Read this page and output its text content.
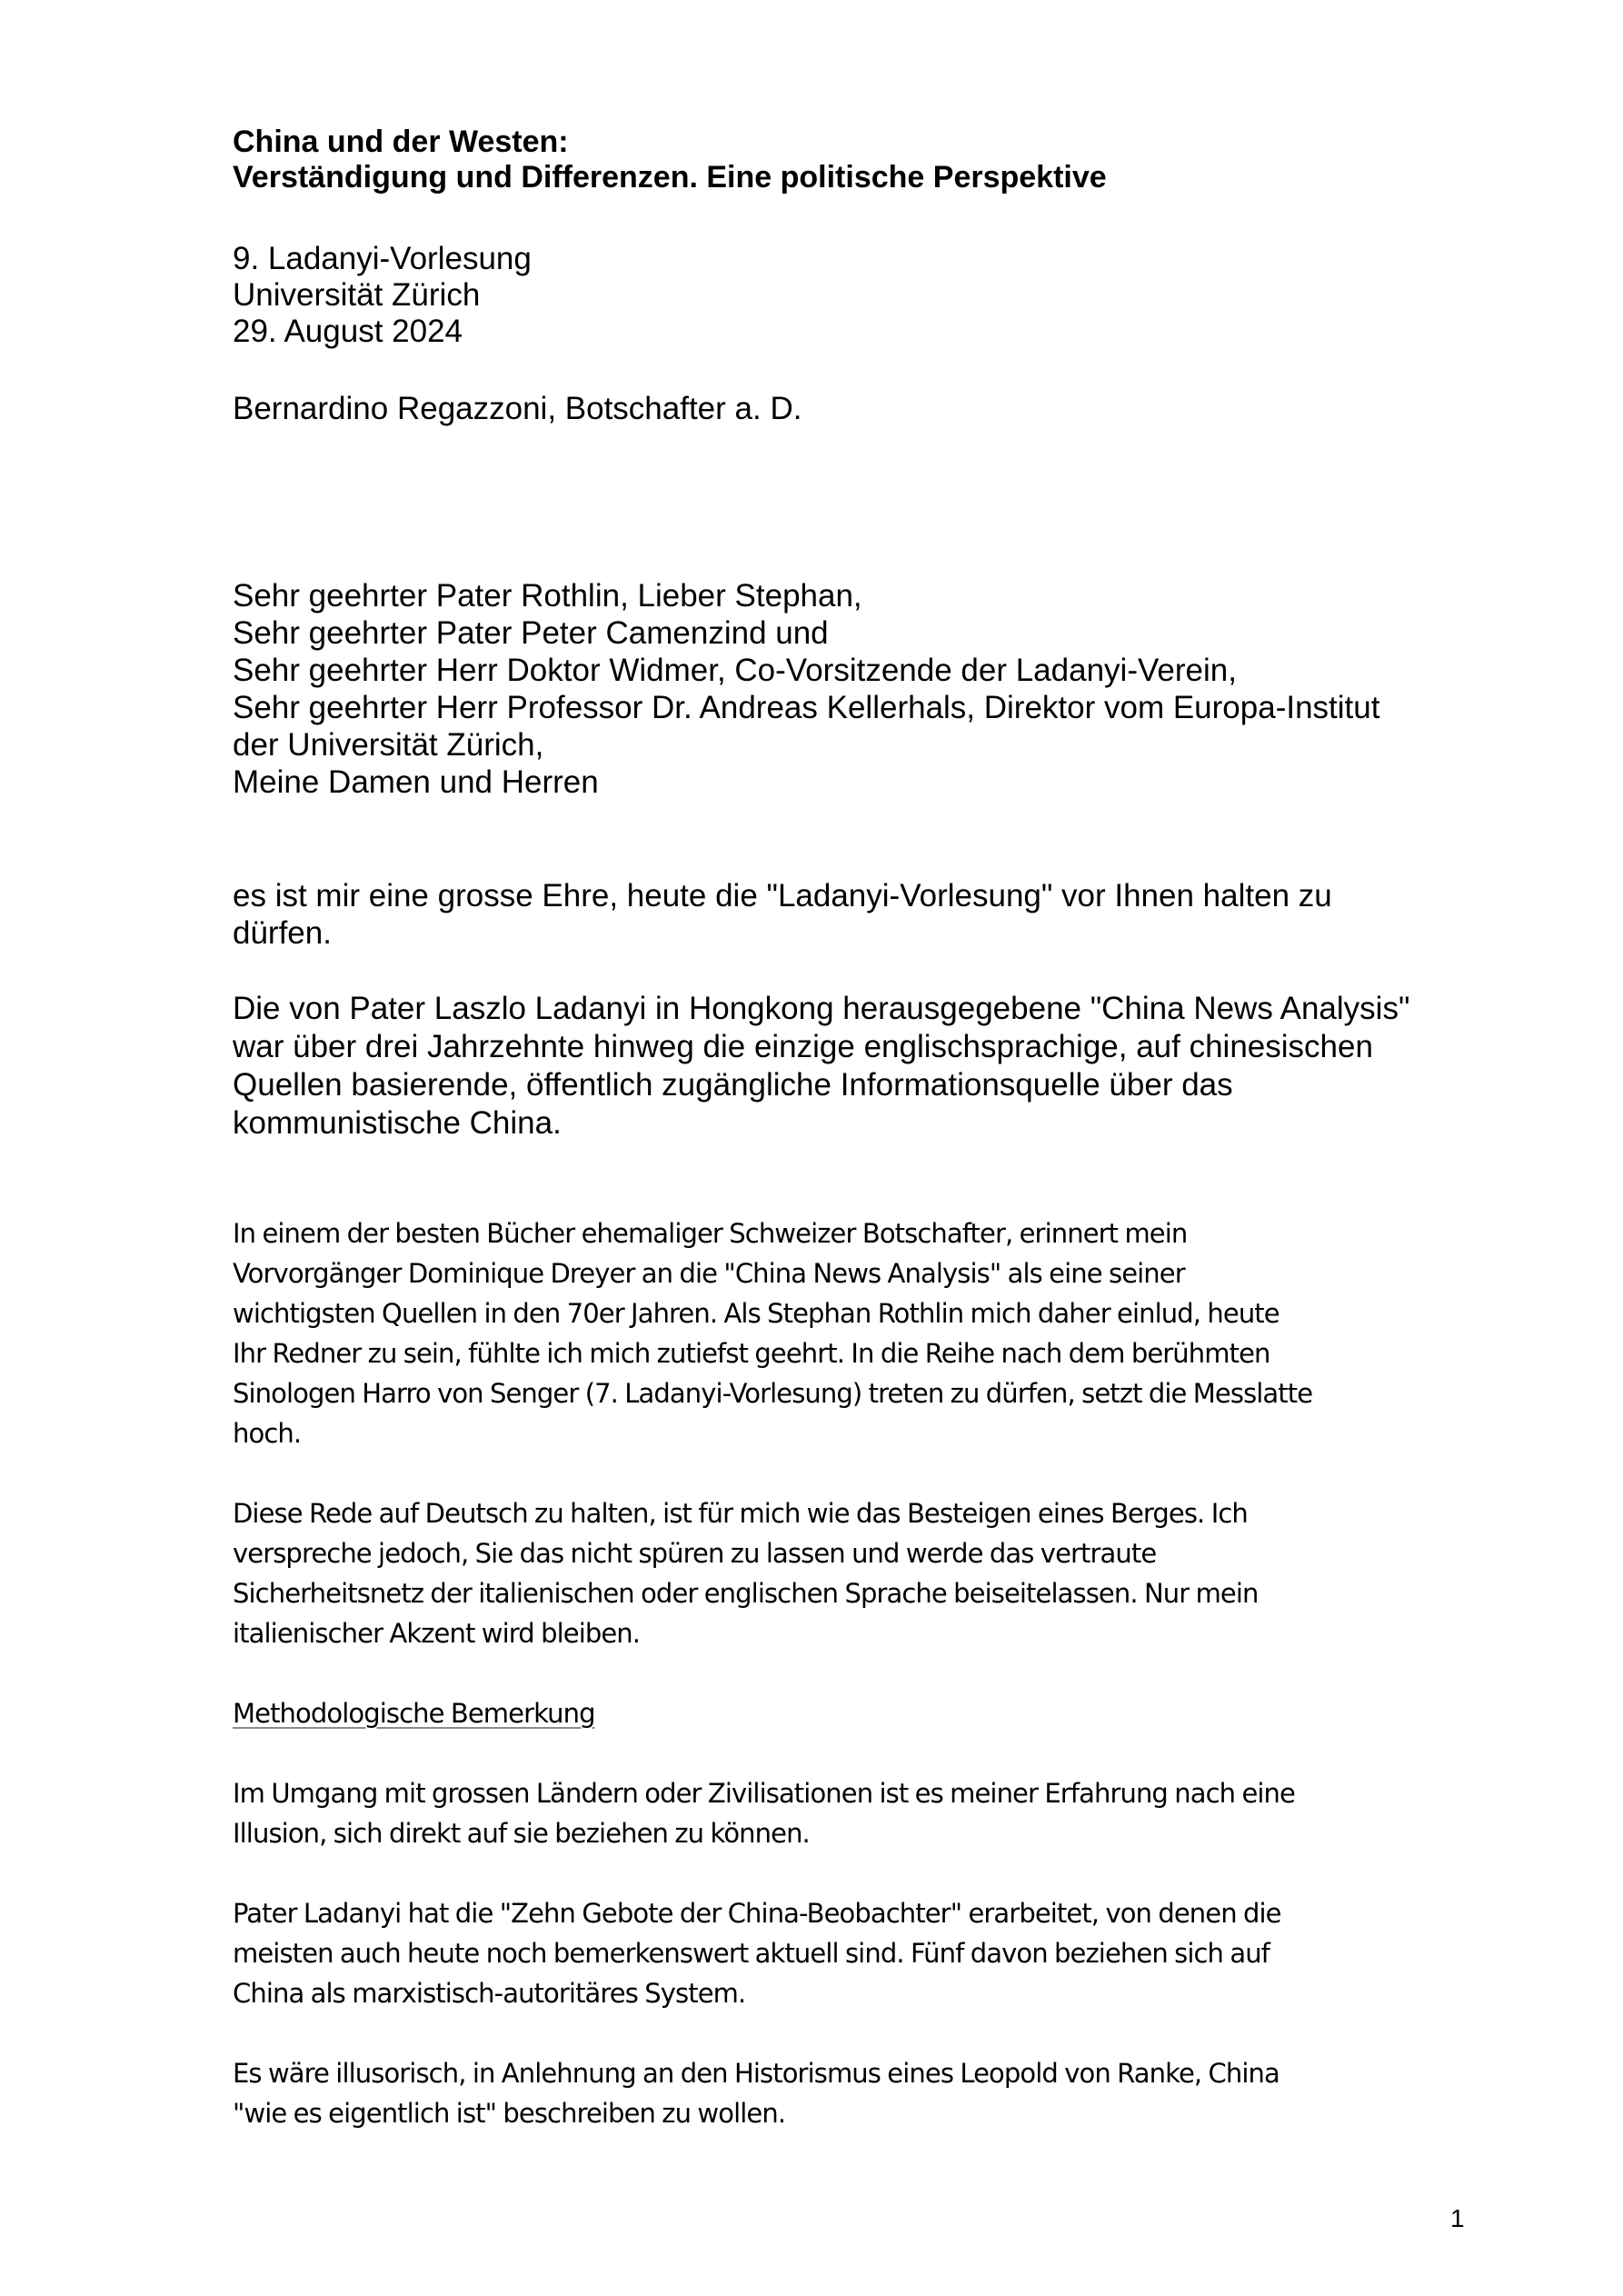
China und der Westen:
Verständigung und Differenzen. Eine politische Perspektive
9. Ladanyi-Vorlesung
Universität Zürich
29. August 2024
Bernardino Regazzoni, Botschafter a. D.
Sehr geehrter Pater Rothlin, Lieber Stephan,
Sehr geehrter Pater Peter Camenzind und
Sehr geehrter Herr Doktor Widmer, Co-Vorsitzende der Ladanyi-Verein,
Sehr geehrter Herr Professor Dr. Andreas Kellerhals, Direktor vom Europa-Institut
der Universität Zürich,
Meine Damen und Herren
es ist mir eine grosse Ehre, heute die "Ladanyi-Vorlesung" vor Ihnen halten zu
dürfen.
Die von Pater Laszlo Ladanyi in Hongkong herausgegebene "China News Analysis"
war über drei Jahrzehnte hinweg die einzige englischsprachige, auf chinesischen
Quellen basierende, öffentlich zugängliche Informationsquelle über das
kommunistische China.
In einem der besten Bücher ehemaliger Schweizer Botschafter, erinnert mein
Vorvorgänger Dominique Dreyer an die "China News Analysis" als eine seiner
wichtigsten Quellen in den 70er Jahren. Als Stephan Rothlin mich daher einlud, heute
Ihr Redner zu sein, fühlte ich mich zutiefst geehrt. In die Reihe nach dem berühmten
Sinologen Harro von Senger (7. Ladanyi-Vorlesung) treten zu dürfen, setzt die Messlatte
hoch.
Diese Rede auf Deutsch zu halten, ist für mich wie das Besteigen eines Berges. Ich
verspreche jedoch, Sie das nicht spüren zu lassen und werde das vertraute
Sicherheitsnetz der italienischen oder englischen Sprache beiseitelassen. Nur mein
italienischer Akzent wird bleiben.
Methodologische Bemerkung
Im Umgang mit grossen Ländern oder Zivilisationen ist es meiner Erfahrung nach eine
Illusion, sich direkt auf sie beziehen zu können.
Pater Ladanyi hat die "Zehn Gebote der China-Beobachter" erarbeitet, von denen die
meisten auch heute noch bemerkenswert aktuell sind. Fünf davon beziehen sich auf
China als marxistisch-autoritäres System.
Es wäre illusorisch, in Anlehnung an den Historismus eines Leopold von Ranke, China
"wie es eigentlich ist" beschreiben zu wollen.
1
